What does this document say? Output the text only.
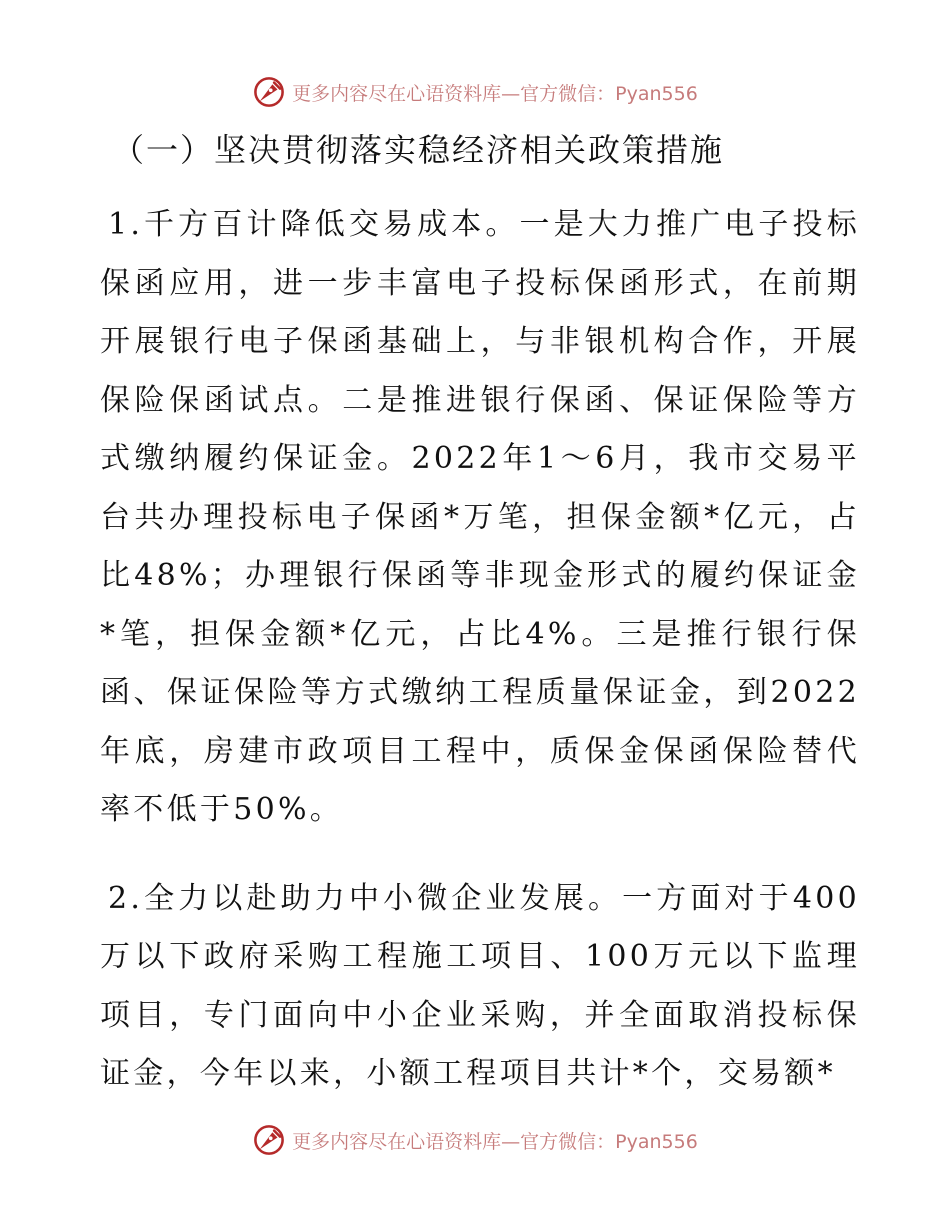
更多内容尽在心语资料库—官方微信：Pyan556
（一）坚决贯彻落实稳经济相关政策措施

1.千方百计降低交易成本。一是大力推广电子投标保函应用，进一步丰富电子投标保函形式，在前期开展银行电子保函基础上，与非银机构合作，开展保险保函试点。二是推进银行保函、保证保险等方式缴纳履约保证金。2022年1～6月，我市交易平台共办理投标电子保函*万笔，担保金额*亿元，占比48%；办理银行保函等非现金形式的履约保证金*笔，担保金额*亿元，占比4%。三是推行银行保函、保证保险等方式缴纳工程质量保证金，到2022年底，房建市政项目工程中，质保金保函保险替代率不低于50%。

2.全力以赴助力中小微企业发展。一方面对于400万以下政府采购工程施工项目、100万元以下监理项目，专门面向中小企业采购，并全面取消投标保证金，今年以来，小额工程项目共计*个，交易额*

更多内容尽在心语资料库—官方微信：Pyan556
